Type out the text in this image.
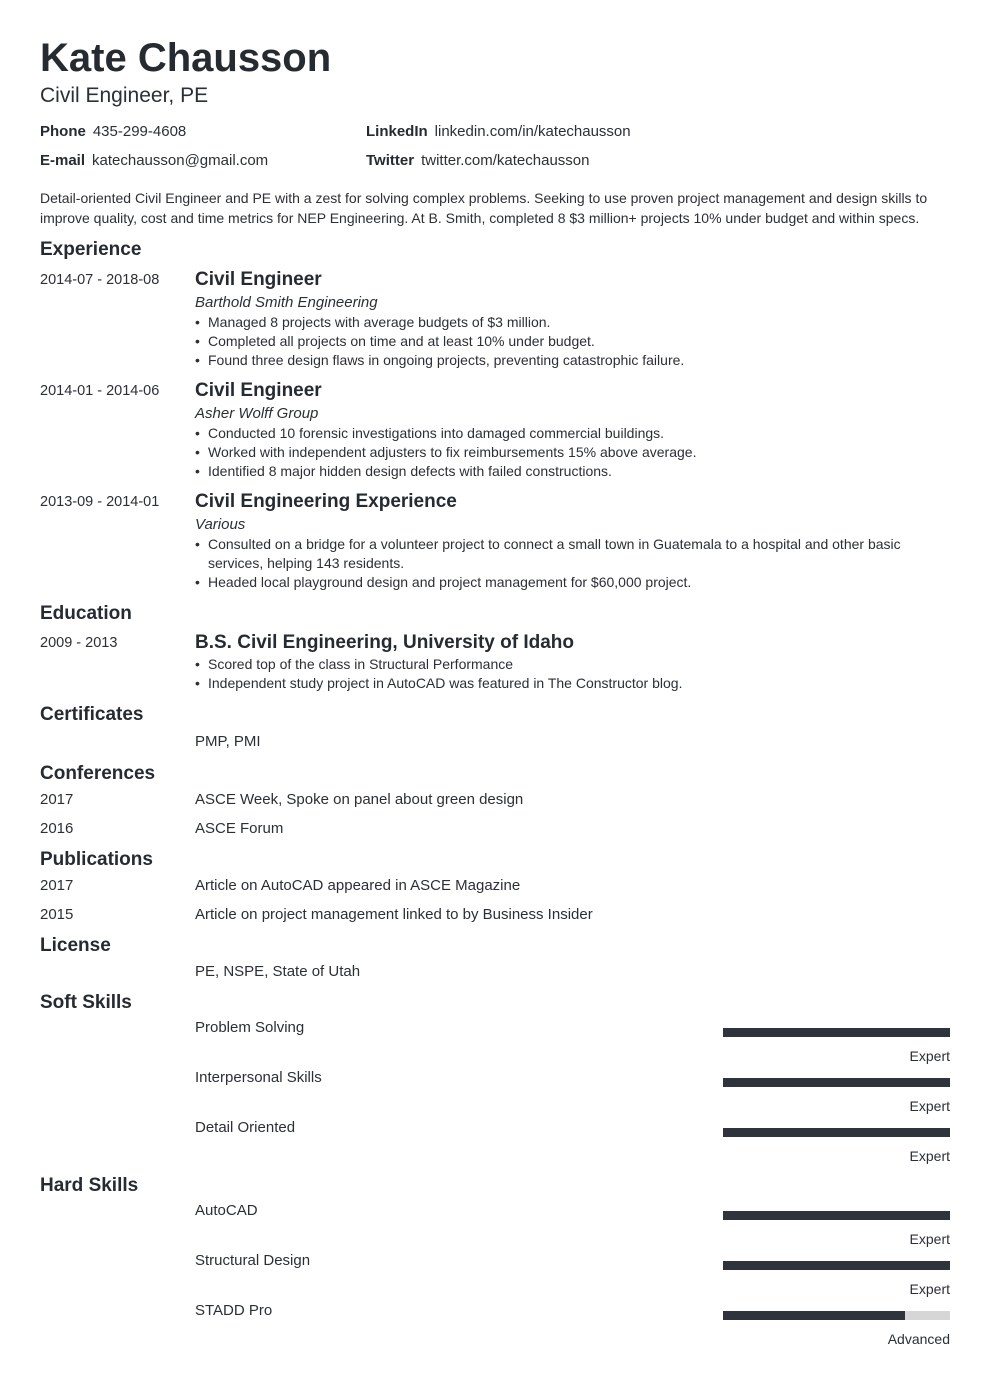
Kate Chausson
Civil Engineer, PE
Phone 435-299-4608	LinkedIn linkedin.com/in/katechausson
E-mail katechausson@gmail.com	Twitter twitter.com/katechausson
Detail-oriented Civil Engineer and PE with a zest for solving complex problems. Seeking to use proven project management and design skills to improve quality, cost and time metrics for NEP Engineering. At B. Smith, completed 8 $3 million+ projects 10% under budget and within specs.
Experience
2014-07 - 2018-08	Civil Engineer
Barthold Smith Engineering
• Managed 8 projects with average budgets of $3 million.
• Completed all projects on time and at least 10% under budget.
• Found three design flaws in ongoing projects, preventing catastrophic failure.
2014-01 - 2014-06	Civil Engineer
Asher Wolff Group
• Conducted 10 forensic investigations into damaged commercial buildings.
• Worked with independent adjusters to fix reimbursements 15% above average.
• Identified 8 major hidden design defects with failed constructions.
2013-09 - 2014-01	Civil Engineering Experience
Various
• Consulted on a bridge for a volunteer project to connect a small town in Guatemala to a hospital and other basic services, helping 143 residents.
• Headed local playground design and project management for $60,000 project.
Education
2009 - 2013	B.S. Civil Engineering, University of Idaho
• Scored top of the class in Structural Performance
• Independent study project in AutoCAD was featured in The Constructor blog.
Certificates
PMP, PMI
Conferences
2017	ASCE Week, Spoke on panel about green design
2016	ASCE Forum
Publications
2017	Article on AutoCAD appeared in ASCE Magazine
2015	Article on project management linked to by Business Insider
License
PE, NSPE, State of Utah
Soft Skills
Problem Solving
Expert
Interpersonal Skills
Expert
Detail Oriented
Expert
Hard Skills
AutoCAD
Expert
Structural Design
Expert
STADD Pro
Advanced
